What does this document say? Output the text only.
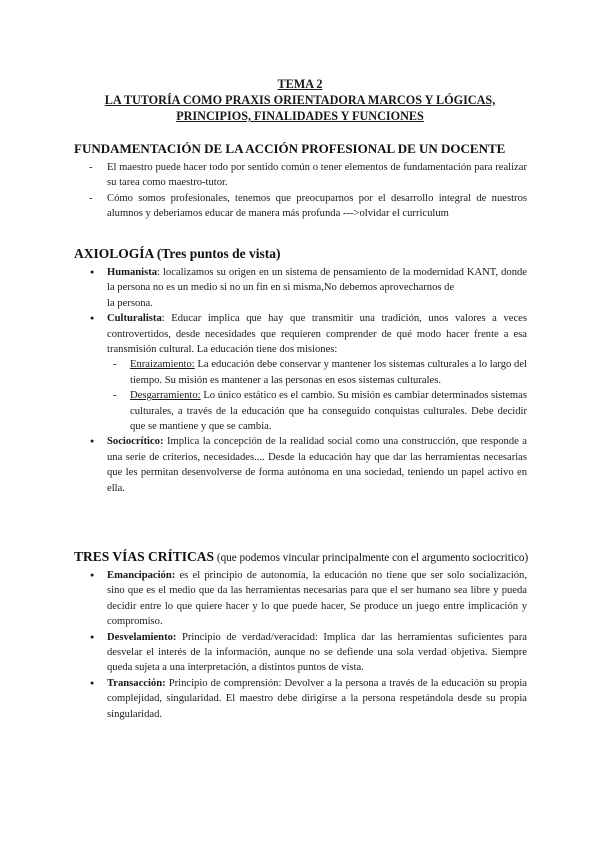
TEMA 2
LA TUTORÍA COMO PRAXIS ORIENTADORA MARCOS Y LÓGICAS,
PRINCIPIOS, FINALIDADES Y FUNCIONES
FUNDAMENTACIÓN DE LA ACCIÓN PROFESIONAL DE UN DOCENTE
- El maestro puede hacer todo por sentido común o tener elementos de fundamentación para realizar su tarea como maestro-tutor.
- Cómo somos profesionales, tenemos que preocuparnos por el desarrollo integral de nuestros alumnos y deberiamos educar de manera más profunda --->olvidar el curriculum
AXIOLOGÍA (Tres puntos de vista)
● Humanista: localizamos su origen en un sistema de pensamiento de la modernidad KANT, donde la persona no es un medio si no un fin en si misma,No debemos aprovecharnos de
la persona.
● Culturalista: Educar implica que hay que transmitir una tradición, unos valores a veces controvertidos, desde necesidades que requieren comprender de qué modo hacer frente a esa transmisión cultural. La educación tiene dos misiones:
- Enraizamiento: La educación debe conservar y mantener los sistemas culturales a lo largo del tiempo. Su misión es mantener a las personas en esos sistemas culturales.
- Desgarramiento: Lo único estático es el cambio. Su misión es cambiar determinados sistemas culturales, a través de la educación que ha conseguido conquistas culturales. Debe decidir que se mantiene y que se cambia.
● Sociocrítico: Implica la concepción de la realidad social como una construcción, que responde a una serie de criterios, necesidades.... Desde la educación hay que dar las herramientas necesarias que les permitan desenvolverse de forma autónoma en una sociedad, teniendo un papel activo en ella.
TRES VÍAS CRÍTICAS (que podemos vincular principalmente con el argumento sociocritico)
● Emancipación: es el principio de autonomía, la educación no tiene que ser solo socialización, sino que es el medio que da las herramientas necesarias para que el ser humano sea libre y pueda decidir entre lo que quiere hacer y lo que puede hacer, Se produce un juego entre implicación y compromiso.
● Desvelamiento: Principio de verdad/veracidad: Implica dar las herramientas suficientes para desvelar el interés de la información, aunque no se defiende una sola verdad objetiva. Siempre queda sujeta a una interpretación, a distintos puntos de vista.
● Transacción: Principio de comprensión: Devolver a la persona a través de la educación su propia complejidad, singularidad. El maestro debe dirigirse a la persona respetándola desde su propia singularidad.
